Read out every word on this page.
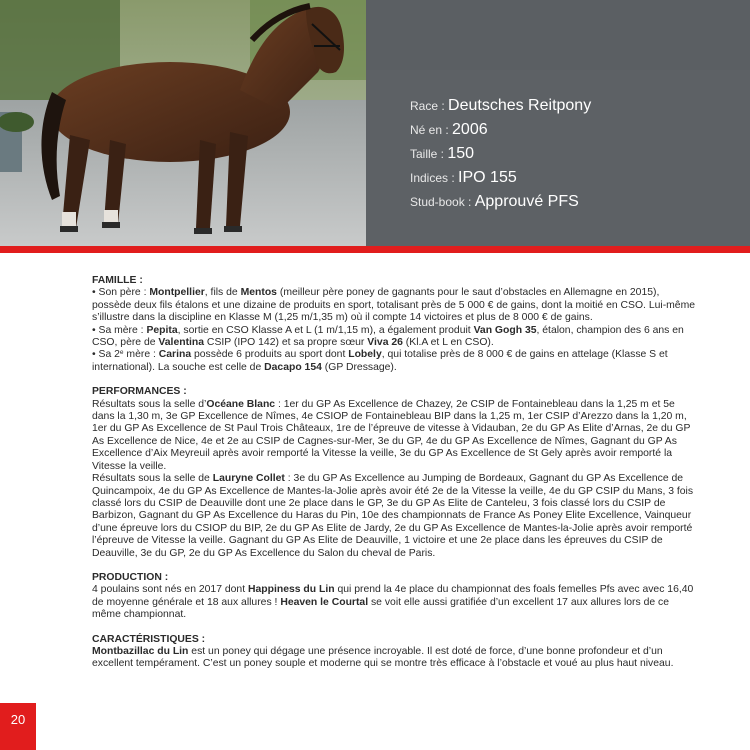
Race : Deutsches Reitpony
Né en : 2006
Taille : 150
Indices : IPO 155
Stud-book : Approuvé PFS

FAMILLE :

• Son père : Montpellier, fils de Mentos (meilleur père poney de gagnants pour le saut d’obstacles en Allemagne en 2015), possède deux fils étalons et une dizaine de produits en sport, totalisant près de 5 000 € de gains, dont la moitié en CSO. Lui-même s’illustre dans la discipline en Klasse M (1,25 m/1,35 m) où il compte 14 victoires et plus de 8 000 € de gains.

• Sa mère : Pepita, sortie en CSO Klasse A et L (1 m/1,15 m), a également produit Van Gogh 35, étalon, champion des 6 ans en CSO, père de Valentina CSIP (IPO 142) et sa propre sœur Viva 26 (Kl.A et L en CSO).

• Sa 2e mère : Carina possède 6 produits au sport dont Lobely, qui totalise près de 8 000 € de gains en attelage (Klasse S et international). La souche est celle de Dacapo 154 (GP Dressage).

PERFORMANCES :

Résultats sous la selle d’Océane Blanc : 1er du GP As Excellence de Chazey, 2e CSIP de Fontainebleau dans la 1,25 m et 5e dans la 1,30 m, 3e GP Excellence de Nîmes, 4e CSIOP de Fontainebleau BIP dans la 1,25 m, 1er CSIP d’Arezzo dans la 1,20 m, 1er du GP As Excellence de St Paul Trois Châteaux, 1re de l’épreuve de vitesse à Vidauban, 2e du GP As Elite d’Arnas, 2e du GP As Excellence de Nice, 4e et 2e au CSIP de Cagnes-sur-Mer, 3e du GP, 4e du GP As Excellence de Nîmes, Gagnant du GP As Excellence d’Aix Meyreuil après avoir remporté la Vitesse la veille, 3e du GP As Excellence de St Gely après avoir remporté la Vitesse la veille.

Résultats sous la selle de Lauryne Collet : 3e du GP As Excellence au Jumping de Bordeaux, Gagnant du GP As Excellence de Quincampoix, 4e du GP As Excellence de Mantes-la-Jolie après avoir été 2e de la Vitesse la veille, 4e du GP CSIP du Mans, 3 fois classé lors du CSIP de Deauville dont une 2e place dans le GP, 3e du GP As Elite de Canteleu, 3 fois classé lors du CSIP de Barbizon, Gagnant du GP As Excellence du Haras du Pin, 10e des championnats de France As Poney Elite Excellence, Vainqueur d’une épreuve lors du CSIOP du BIP, 2e du GP As Elite de Jardy, 2e du GP As Excellence de Mantes-la-Jolie après avoir remporté l’épreuve de Vitesse la veille. Gagnant du GP As Elite de Deauville, 1 victoire et une 2e place dans les épreuves du CSIP de Deauville, 3e du GP, 2e du GP As Excellence du Salon du cheval de Paris.

PRODUCTION :

4 poulains sont nés en 2017 dont Happiness du Lin qui prend la 4e place du championnat des foals femelles Pfs avec avec 16,40 de moyenne générale et 18 aux allures ! Heaven le Courtal se voit elle aussi gratifiée d’un excellent 17 aux allures lors de ce même championnat.

CARACTÉRISTIQUES :

Montbazillac du Lin est un poney qui dégage une présence incroyable. Il est doté de force, d’une bonne profondeur et d’un excellent tempérament. C’est un poney souple et moderne qui se montre très efficace à l’obstacle et voué au plus haut niveau.

20
